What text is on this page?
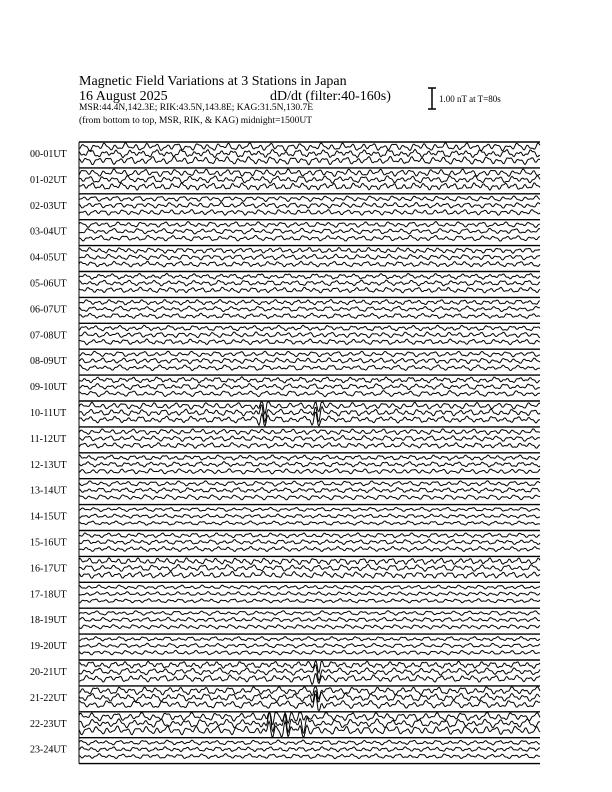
Magnetic Field Variations at 3 Stations in Japan
16 August 2025	dD/dt (filter:40-160s)
MSR:44.4N,142.3E; RIK:43.5N,143.8E; KAG:31.5N,130.7E
(from bottom to top, MSR, RIK, & KAG) midnight=1500UT
1.00 nT at T=80s
00-01UT
01-02UT
02-03UT
03-04UT
04-05UT
05-06UT
06-07UT
07-08UT
08-09UT
09-10UT
10-11UT
11-12UT
12-13UT
13-14UT
14-15UT
15-16UT
16-17UT
17-18UT
18-19UT
19-20UT
20-21UT
21-22UT
22-23UT
23-24UT
